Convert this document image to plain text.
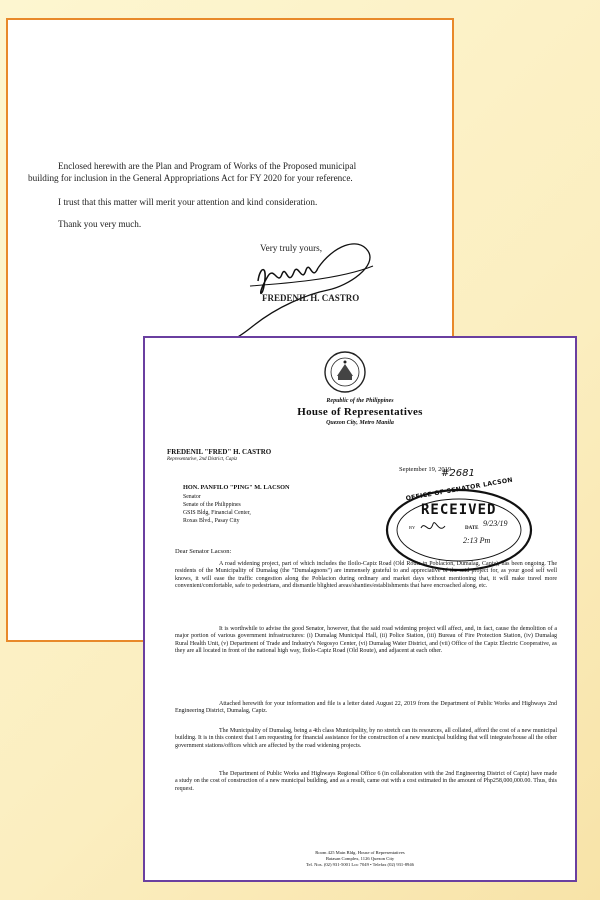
Enclosed herewith are the Plan and Program of Works of the Proposed municipal
building for inclusion in the General Appropriations Act for FY 2020 for your reference.
I trust that this matter will merit your attention and kind consideration.
Thank you very much.
Very truly yours,
FREDENIL H. CASTRO
Republic of the Philippines
House of Representatives
Quezon City, Metro Manila
FREDENIL "FRED" H. CASTRO
Representative, 2nd District, Capiz
September 19, 2019
HON. PANFILO "PING" M. LACSON
Senator
Senate of the Philippines
GSIS Bldg, Financial Center,
Roxas Blvd., Pasay City
#2681
OFFICE OF SENATOR LACSON
RECEIVED
BY	DATE
9/23/19
2:13 Pm
Dear Senator Lacson:
A road widening project, part of which includes the Iloilo-Capiz Road (Old Route in Poblacion, Dumalag, Capiz), has been ongoing. The residents of the Municipality of Dumalag (the "Dumalagnons") are immensely grateful to and appreciative of the said project for, as your good self well knows, it will ease the traffic congestion along the Poblacion during ordinary and market days without mentioning that, it will make travel more convenient/comfortable, safe to pedestrians, and dismantle blighted areas/shanties/establishments that have encroached along, etc.
It is worthwhile to advise the good Senator, however, that the said road widening project will affect, and, in fact, cause the demolition of a major portion of various government infrastructures: (i) Dumalag Municipal Hall, (ii) Police Station, (iii) Bureau of Fire Protection Station, (iv) Dumalag Rural Health Unit, (v) Department of Trade and Industry's Negosyo Center, (vi) Dumalag Water District, and (vii) Office of the Capiz Electric Cooperative, as they are all located in front of the national high way, Iloilo-Capiz Road (Old Route), and adjacent at each other.
Attached herewith for your information and file is a letter dated August 22, 2019 from the Department of Public Works and Highways 2nd Engineering District, Dumalag, Capiz.
The Municipality of Dumalag, being a 4th class Municipality, by no stretch can its resources, all collated, afford the cost of a new municipal building. It is in this context that I am requesting for financial assistance for the construction of a new municipal building that will integrate/house all the other government stations/offices which are affected by the road widening projects.
The Department of Public Works and Highways Regional Office 6 (in collaboration with the 2nd Engineering District of Capiz) have made a study on the cost of construction of a new municipal building, and as a result, came out with a cost estimated in the amount of Php258,000,000.00. Thus, this request.
Room 425 Main Bldg. House of Representatives
Batasan Complex, 1126 Quezon City
Tel. Nos. (02) 931-5001 Loc 7049 • Telefax (02) 931-8946
